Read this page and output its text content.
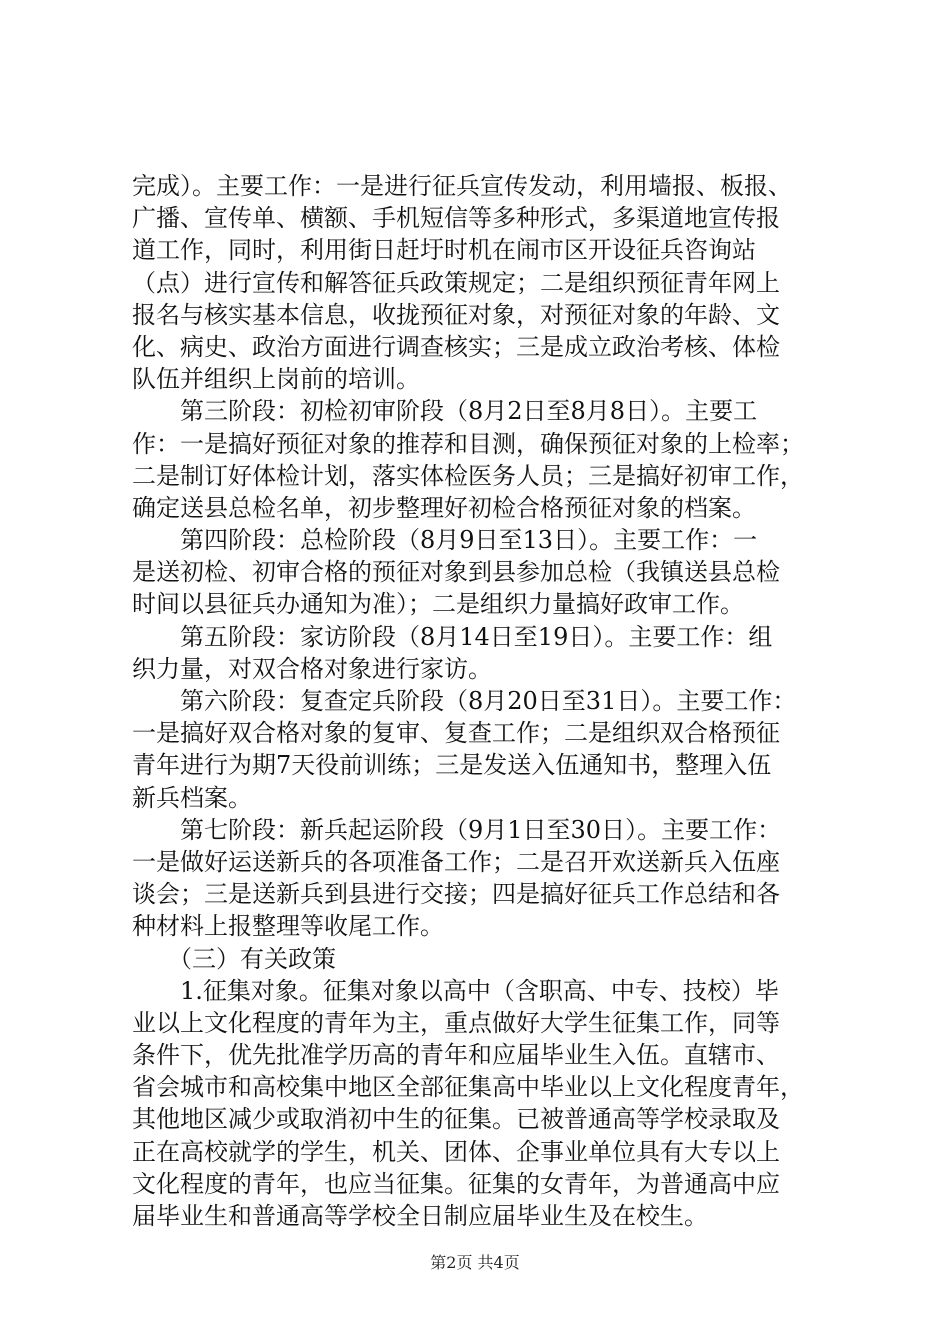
完成）。主要工作：一是进行征兵宣传发动，利用墙报、板报、
广播、宣传单、横额、手机短信等多种形式，多渠道地宣传报
道工作，同时，利用街日赶圩时机在闹市区开设征兵咨询站
（点）进行宣传和解答征兵政策规定；二是组织预征青年网上
报名与核实基本信息，收拢预征对象，对预征对象的年龄、文
化、病史、政治方面进行调查核实；三是成立政治考核、体检
队伍并组织上岗前的培训。
第三阶段：初检初审阶段（8月2日至8月8日）。主要工
作：一是搞好预征对象的推荐和目测，确保预征对象的上检率；
二是制订好体检计划，落实体检医务人员；三是搞好初审工作，
确定送县总检名单，初步整理好初检合格预征对象的档案。
第四阶段：总检阶段（8月9日至13日）。主要工作：一
是送初检、初审合格的预征对象到县参加总检（我镇送县总检
时间以县征兵办通知为准）；二是组织力量搞好政审工作。
第五阶段：家访阶段（8月14日至19日）。主要工作：组
织力量，对双合格对象进行家访。
第六阶段：复查定兵阶段（8月20日至31日）。主要工作：
一是搞好双合格对象的复审、复查工作；二是组织双合格预征
青年进行为期7天役前训练；三是发送入伍通知书，整理入伍
新兵档案。
第七阶段：新兵起运阶段（9月1日至30日）。主要工作：
一是做好运送新兵的各项准备工作；二是召开欢送新兵入伍座
谈会；三是送新兵到县进行交接；四是搞好征兵工作总结和各
种材料上报整理等收尾工作。
（三）有关政策
1.征集对象。征集对象以高中（含职高、中专、技校）毕
业以上文化程度的青年为主，重点做好大学生征集工作，同等
条件下，优先批准学历高的青年和应届毕业生入伍。直辖市、
省会城市和高校集中地区全部征集高中毕业以上文化程度青年，
其他地区减少或取消初中生的征集。已被普通高等学校录取及
正在高校就学的学生，机关、团体、企事业单位具有大专以上
文化程度的青年，也应当征集。征集的女青年，为普通高中应
届毕业生和普通高等学校全日制应届毕业生及在校生。
第2页 共4页
